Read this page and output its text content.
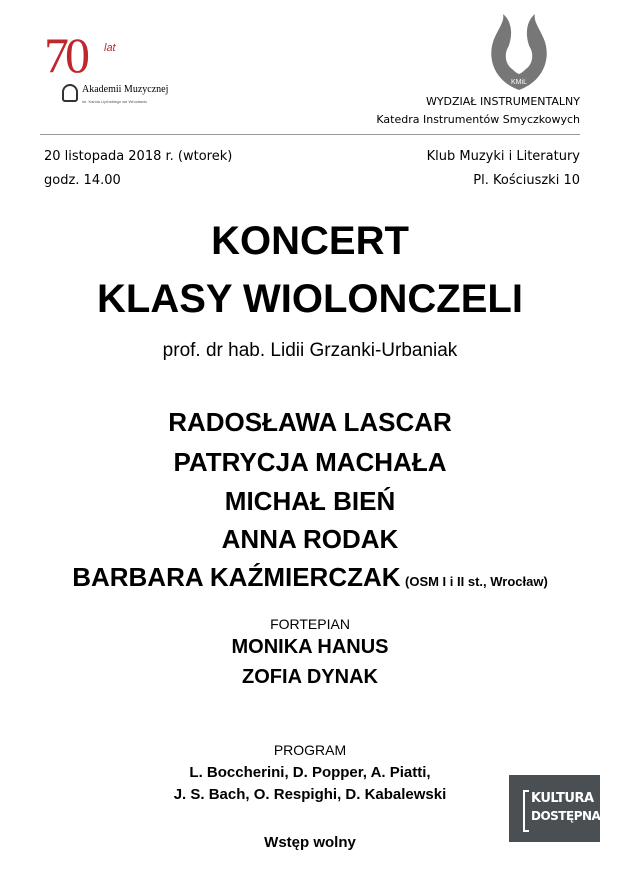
70 lat
Akademii Muzycznej
im. Karola Lipińskiego we Wrocławiu
KMiL
WYDZIAŁ INSTRUMENTALNY
Katedra Instrumentów Smyczkowych
20 listopada 2018 r. (wtorek)
godz. 14.00
Klub Muzyki i Literatury
Pl. Kościuszki 10
KONCERT
KLASY WIOLONCZELI
prof. dr hab. Lidii Grzanki-Urbaniak
RADOSŁAWA LASCAR
PATRYCJA MACHAŁA
MICHAŁ BIEŃ
ANNA RODAK
BARBARA KAŹMIERCZAK (OSM I i II st., Wrocław)
FORTEPIAN
MONIKA HANUS
ZOFIA DYNAK
PROGRAM
L. Boccherini, D. Popper, A. Piatti,
J. S. Bach, O. Respighi, D. Kabalewski
Wstęp wolny
KULTURA
DOSTĘPNA
